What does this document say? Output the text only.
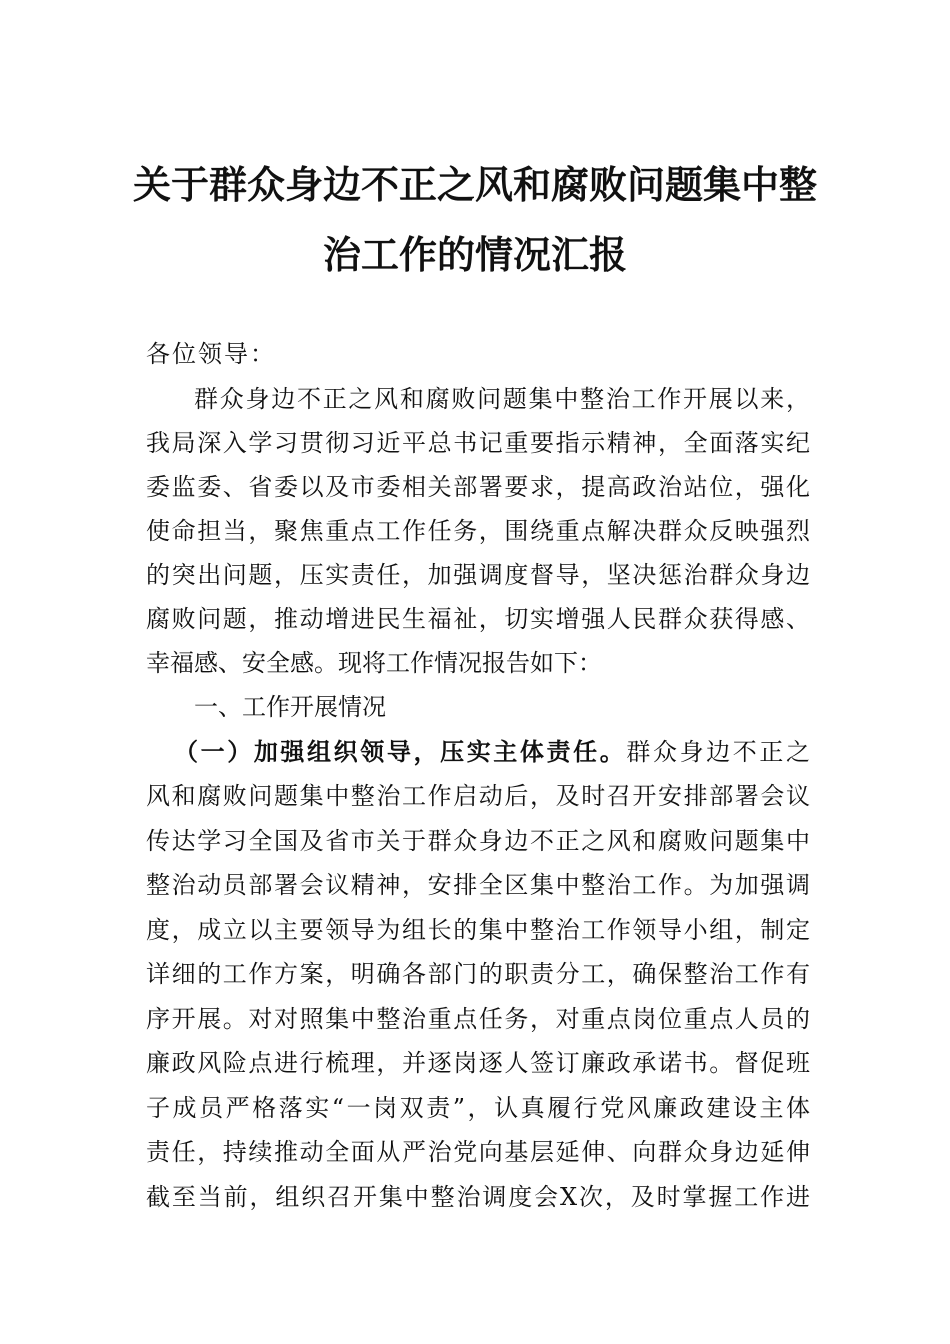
关于群众身边不正之风和腐败问题集中整
治工作的情况汇报
各位领导：
群众身边不正之风和腐败问题集中整治工作开展以来，
我局深入学习贯彻习近平总书记重要指示精神，全面落实纪
委监委、省委以及市委相关部署要求，提高政治站位，强化
使命担当，聚焦重点工作任务，围绕重点解决群众反映强烈
的突出问题，压实责任，加强调度督导，坚决惩治群众身边
腐败问题，推动增进民生福祉，切实增强人民群众获得感、
幸福感、安全感。现将工作情况报告如下：
一、工作开展情况
（一）加强组织领导，压实主体责任。群众身边不正之
风和腐败问题集中整治工作启动后，及时召开安排部署会议
传达学习全国及省市关于群众身边不正之风和腐败问题集中
整治动员部署会议精神，安排全区集中整治工作。为加强调
度，成立以主要领导为组长的集中整治工作领导小组，制定
详细的工作方案，明确各部门的职责分工，确保整治工作有
序开展。对对照集中整治重点任务，对重点岗位重点人员的
廉政风险点进行梳理，并逐岗逐人签订廉政承诺书。督促班
子成员严格落实“一岗双责”，认真履行党风廉政建设主体
责任，持续推动全面从严治党向基层延伸、向群众身边延伸
截至当前，组织召开集中整治调度会X次，及时掌握工作进
